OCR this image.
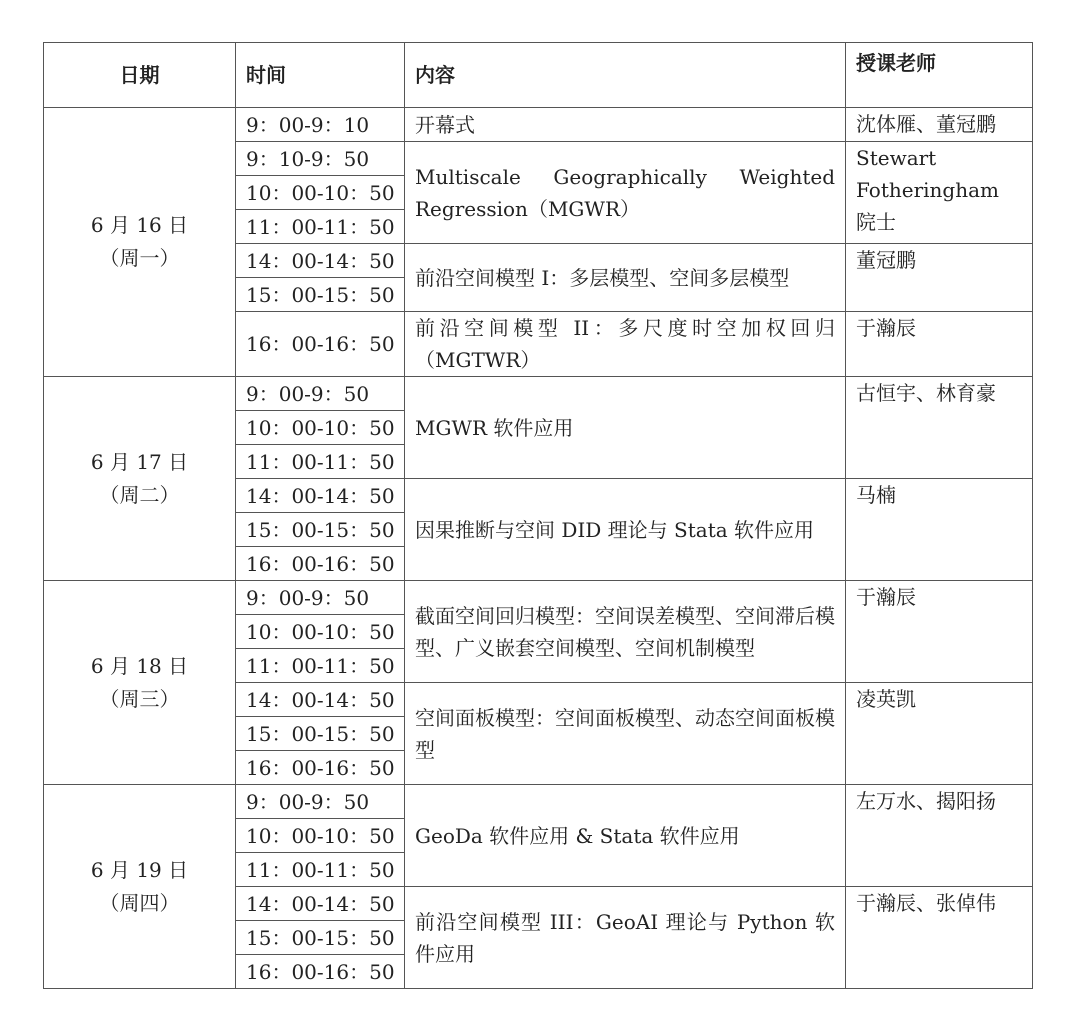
日期	时间	内容	授课老师

6 月 16 日
（周一）	9：00-9：10	开幕式	沈体雁、董冠鹏
	9：10-9：50	Multiscale Geographically Weighted Regression（MGWR）	Stewart Fotheringham 院士
	10：00-10：50		
	11：00-11：50		
	14：00-14：50	前沿空间模型 I：多层模型、空间多层模型	董冠鹏
	15：00-15：50		
	16：00-16：50	前沿空间模型 II：多尺度时空加权回归（MGTWR）	于瀚辰

6 月 17 日
（周二）	9：00-9：50	MGWR 软件应用	古恒宇、林育豪
	10：00-10：50		
	11：00-11：50		
	14：00-14：50	因果推断与空间 DID 理论与 Stata 软件应用	马楠
	15：00-15：50		
	16：00-16：50		

6 月 18 日
（周三）	9：00-9：50	截面空间回归模型：空间误差模型、空间滞后模型、广义嵌套空间模型、空间机制模型	于瀚辰
	10：00-10：50		
	11：00-11：50		
	14：00-14：50	空间面板模型：空间面板模型、动态空间面板模型	凌英凯
	15：00-15：50		
	16：00-16：50		

6 月 19 日
（周四）	9：00-9：50	GeoDa 软件应用 & Stata 软件应用	左万水、揭阳扬
	10：00-10：50		
	11：00-11：50		
	14：00-14：50	前沿空间模型 III：GeoAI 理论与 Python 软件应用	于瀚辰、张倬伟
	15：00-15：50		
	16：00-16：50		
